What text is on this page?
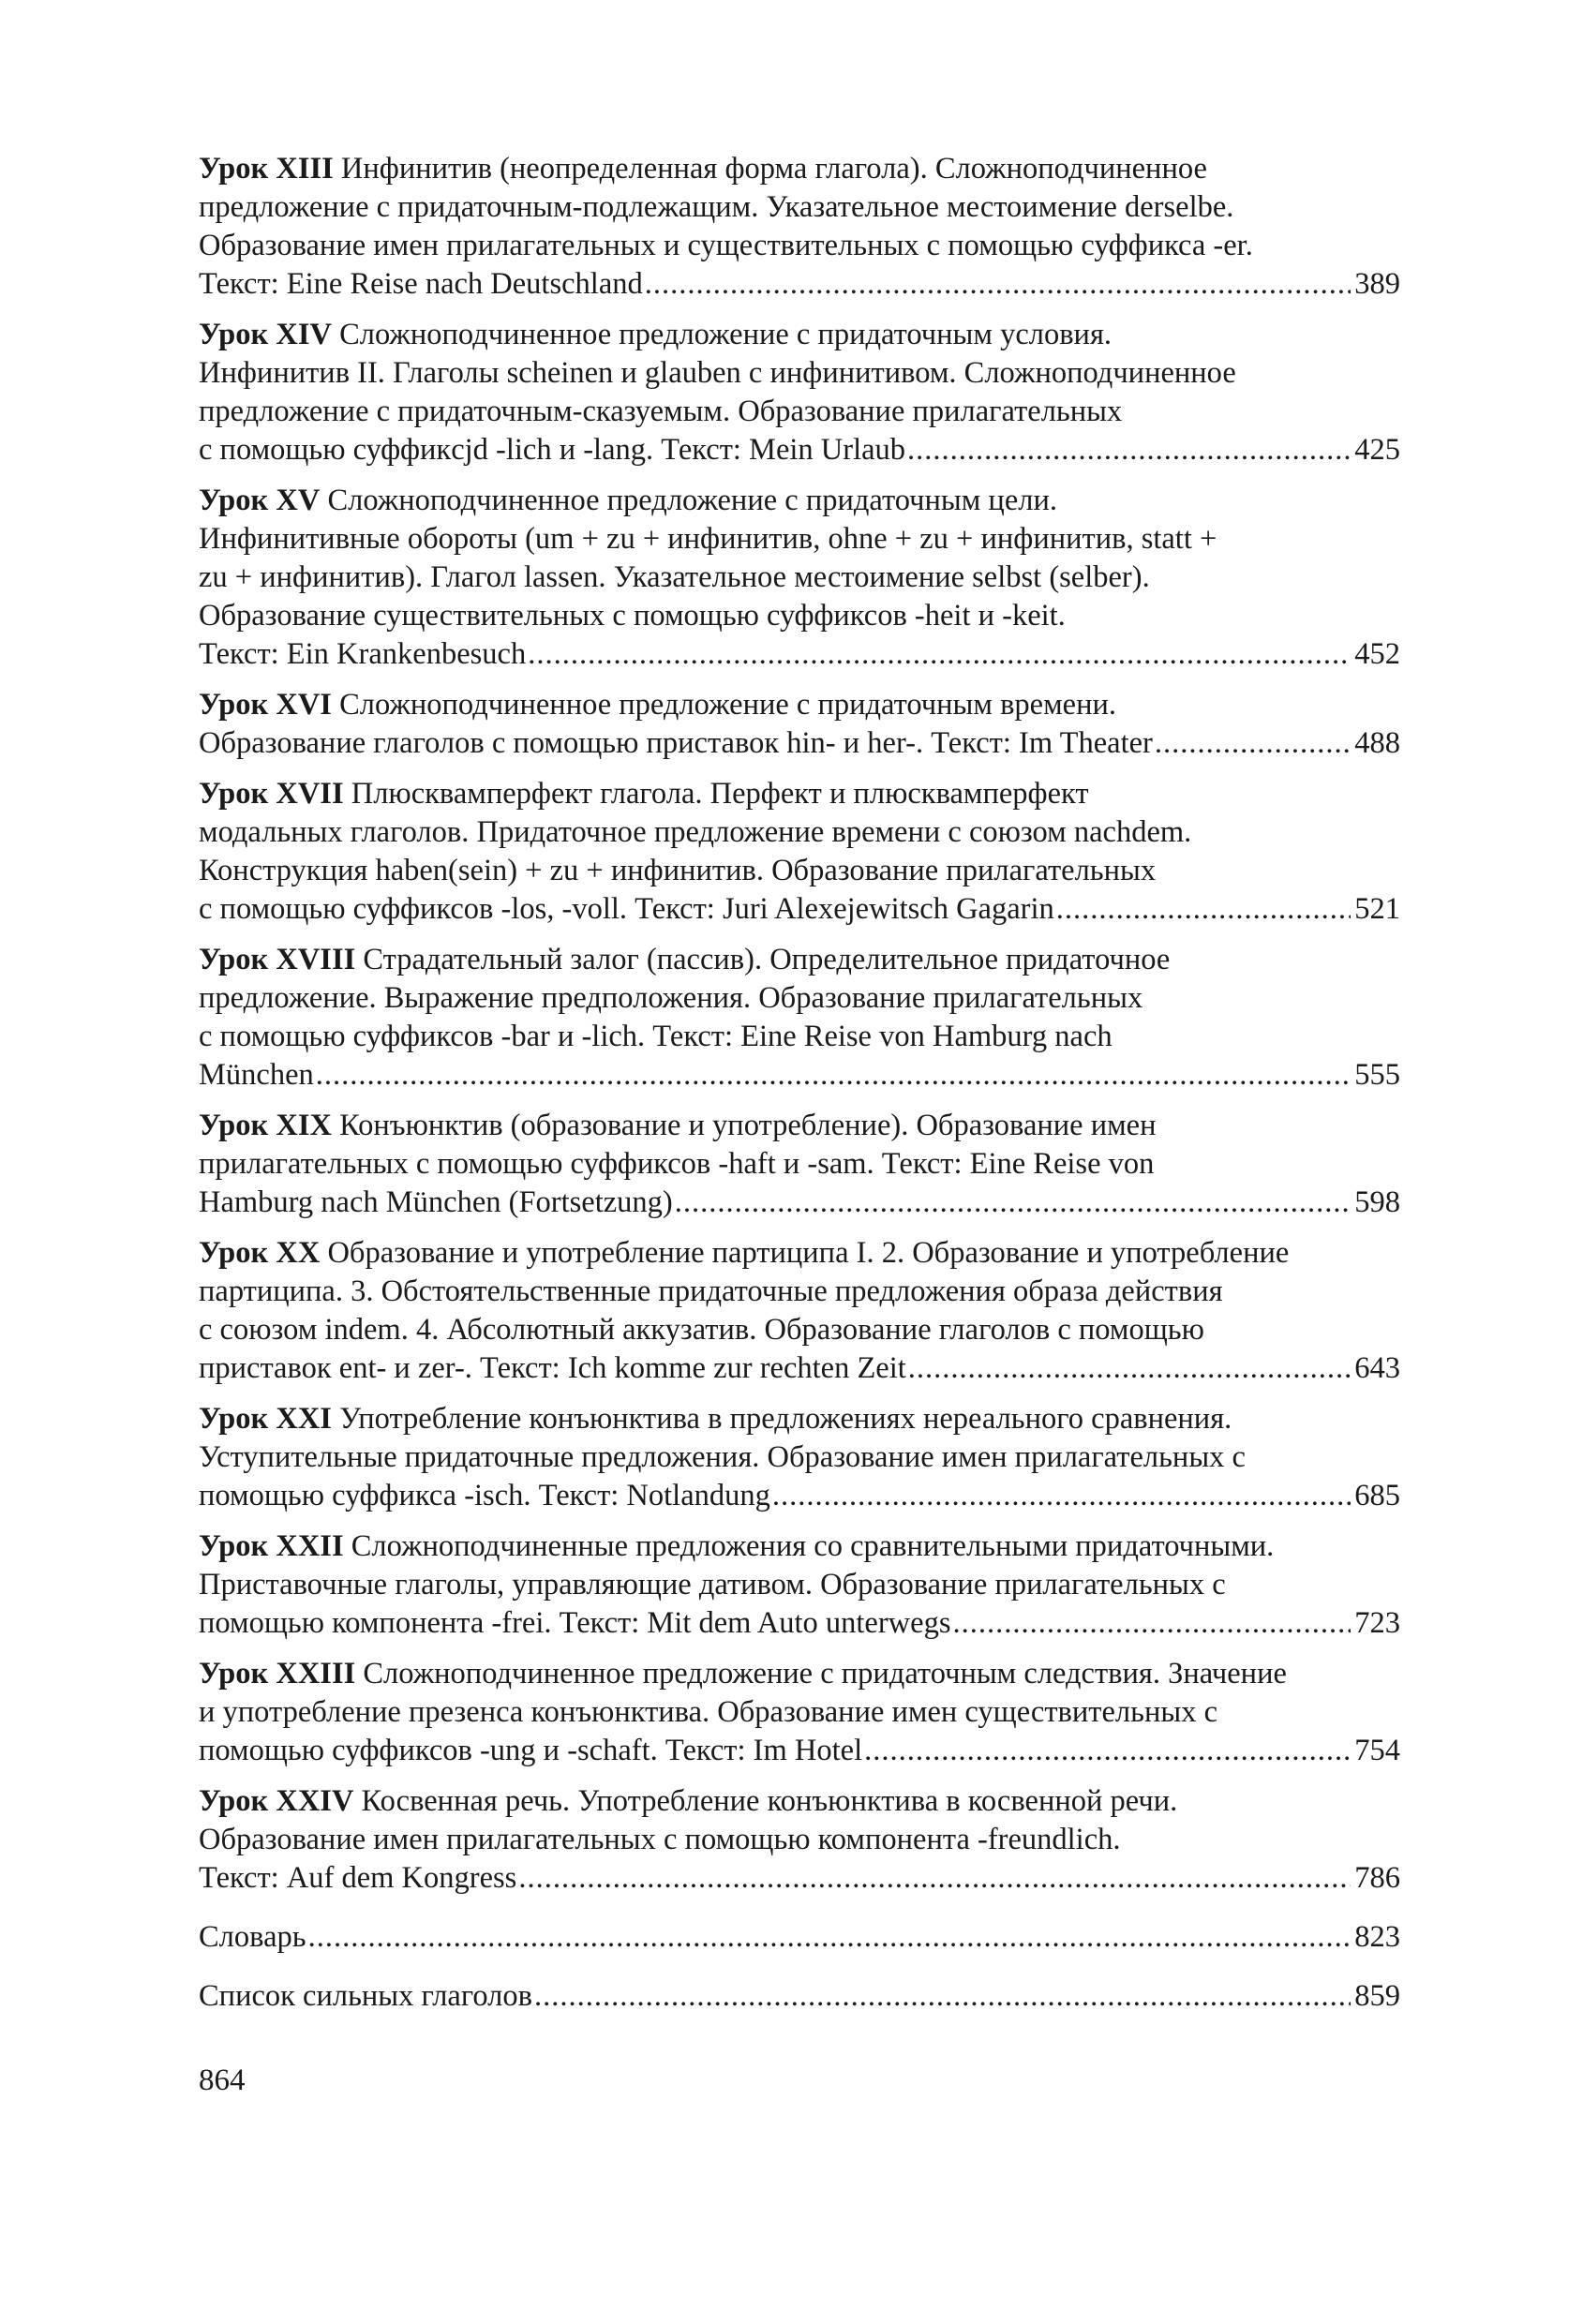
Урок XIII Инфинитив (неопределенная форма глагола). Сложноподчиненное
предложение с придаточным-подлежащим. Указательное местоимение derselbe.
Образование имен прилагательных и существительных с помощью суффикса -er.
Текст: Eine Reise nach Deutschland .....	389
Урок XIV Сложноподчиненное предложение с придаточным условия.
Инфинитив II. Глаголы scheinen и glauben с инфинитивом. Сложноподчиненное
предложение с придаточным-сказуемым. Образование прилагательных
с помощью суффикcjd -lich и -lang. Текст: Mein Urlaub .....	425
Урок XV Сложноподчиненное предложение с придаточным цели.
Инфинитивные обороты (um + zu + инфинитив, ohne + zu + инфинитив, statt +
zu + инфинитив). Глагол lassen. Указательное местоимение selbst (selber).
Образование существительных с помощью суффиксов -heit и -keit.
Текст: Ein Krankenbesuch .....	452
Урок XVI Сложноподчиненное предложение с придаточным времени.
Образование глаголов с помощью приставок hin- и her-. Текст: Im Theater .....	488
Урок XVII Плюсквамперфект глагола. Перфект и плюсквамперфект
модальных глаголов. Придаточное предложение времени с союзом nachdem.
Конструкция haben(sein) + zu + инфинитив. Образование прилагательных
с помощью суффиксов -los, -voll. Текст: Juri Alexejewitsch Gagarin .....	521
Урок XVIII Страдательный залог (пассив). Определительное придаточное
предложение. Выражение предположения. Образование прилагательных
с помощью суффиксов -bar и -lich. Текст: Eine Reise von Hamburg nach
München .....	555
Урок XIX Конъюнктив (образование и употребление). Образование имен
прилагательных с помощью суффиксов -haft и -sam. Текст: Eine Reise von
Hamburg nach München (Fortsetzung) .....	598
Урок XX Образование и употребление партиципа I. 2. Образование и употребление
партиципа. 3. Обстоятельственные придаточные предложения образа действия
с союзом indem. 4. Абсолютный аккузатив. Образование глаголов с помощью
приставок ent- и zer-. Текст: Ich komme zur rechten Zeit .....	643
Урок XXI Употребление конъюнктива в предложениях нереального сравнения.
Уступительные придаточные предложения. Образование имен прилагательных с
помощью суффикса -isch. Текст: Notlandung .....	685
Урок XXII Сложноподчиненные предложения со сравнительными придаточными.
Приставочные глаголы, управляющие дативом. Образование прилагательных с
помощью компонента -frei. Текст: Mit dem Auto unterwegs .....	723
Урок XXIII Сложноподчиненное предложение с придаточным следствия. Значение
и употребление презенса конъюнктива. Образование имен существительных с
помощью суффиксов -ung и -schaft. Текст: Im Hotel .....	754
Урок XXIV Косвенная речь. Употребление конъюнктива в косвенной речи.
Образование имен прилагательных с помощью компонента -freundlich.
Текст: Auf dem Kongress .....	786
Словарь .....	823
Список сильных глаголов .....	859
864
